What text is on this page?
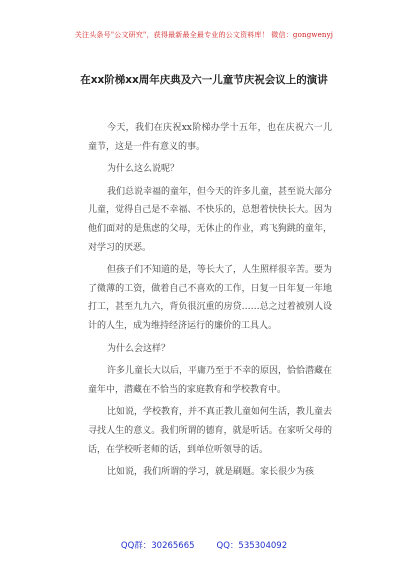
关注头条号"公文研究"，获得最新最全最专业的公文资料库！ 微信：gongwenyj
在xx阶梯xx周年庆典及六一儿童节庆祝会议上的演讲

今天，我们在庆祝xx阶梯办学十五年，也在庆祝六一儿童节，这是一件有意义的事。

为什么这么说呢？

我们总说幸福的童年，但今天的许多儿童，甚至说大部分儿童，觉得自己是不幸福、不快乐的，总想着快快长大。因为他们面对的是焦虑的父母，无休止的作业，鸡飞狗跳的童年，对学习的厌恶。

但孩子们不知道的是，等长大了，人生照样很辛苦。要为了微薄的工资，做着自己不喜欢的工作，日复一日年复一年地打工，甚至九九六，背负很沉重的房贷……总之过着被别人设计的人生，成为维持经济运行的廉价的工具人。

为什么会这样？

许多儿童长大以后，平庸乃至于不幸的原因，恰恰潜藏在童年中，潜藏在不恰当的家庭教育和学校教育中。

比如说，学校教育，并不真正教儿童如何生活，教儿童去寻找人生的意义。我们所谓的德育，就是听话。在家听父母的话，在学校听老师的话，到单位听领导的话。

比如说，我们所谓的学习，就是刷题。家长很少为孩

QQ群：30265665	QQ：535304092
